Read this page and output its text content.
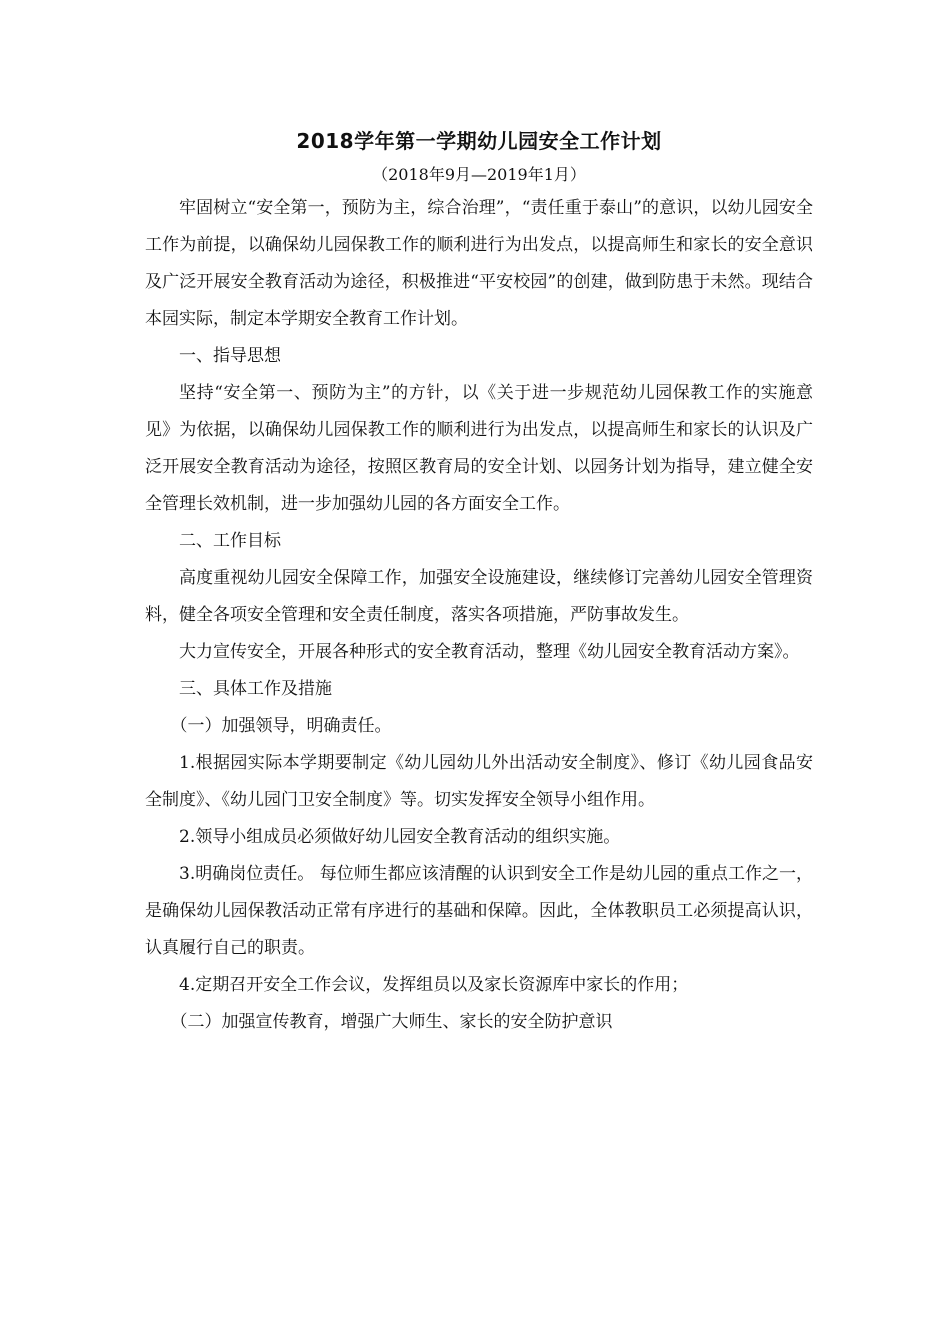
2018学年第一学期幼儿园安全工作计划
（2018年9月—2019年1月）

牢固树立“安全第一，预防为主，综合治理”，“责任重于泰山”的意识，以幼儿园安全工作为前提，以确保幼儿园保教工作的顺利进行为出发点，以提高师生和家长的安全意识及广泛开展安全教育活动为途径，积极推进“平安校园”的创建，做到防患于未然。现结合本园实际，制定本学期安全教育工作计划。

一、指导思想

坚持“安全第一、预防为主”的方针，以《关于进一步规范幼儿园保教工作的实施意见》为依据，以确保幼儿园保教工作的顺利进行为出发点，以提高师生和家长的认识及广泛开展安全教育活动为途径，按照区教育局的安全计划、以园务计划为指导，建立健全安全管理长效机制，进一步加强幼儿园的各方面安全工作。

二、工作目标

高度重视幼儿园安全保障工作，加强安全设施建设，继续修订完善幼儿园安全管理资料，健全各项安全管理和安全责任制度，落实各项措施，严防事故发生。

大力宣传安全，开展各种形式的安全教育活动，整理《幼儿园安全教育活动方案》。

三、具体工作及措施

（一）加强领导，明确责任。

1.根据园实际本学期要制定《幼儿园幼儿外出活动安全制度》、修订《幼儿园食品安全制度》、《幼儿园门卫安全制度》等。切实发挥安全领导小组作用。

2.领导小组成员必须做好幼儿园安全教育活动的组织实施。

3.明确岗位责任。 每位师生都应该清醒的认识到安全工作是幼儿园的重点工作之一，是确保幼儿园保教活动正常有序进行的基础和保障。因此，全体教职员工必须提高认识，认真履行自己的职责。

4.定期召开安全工作会议，发挥组员以及家长资源库中家长的作用；

（二）加强宣传教育，增强广大师生、家长的安全防护意识
